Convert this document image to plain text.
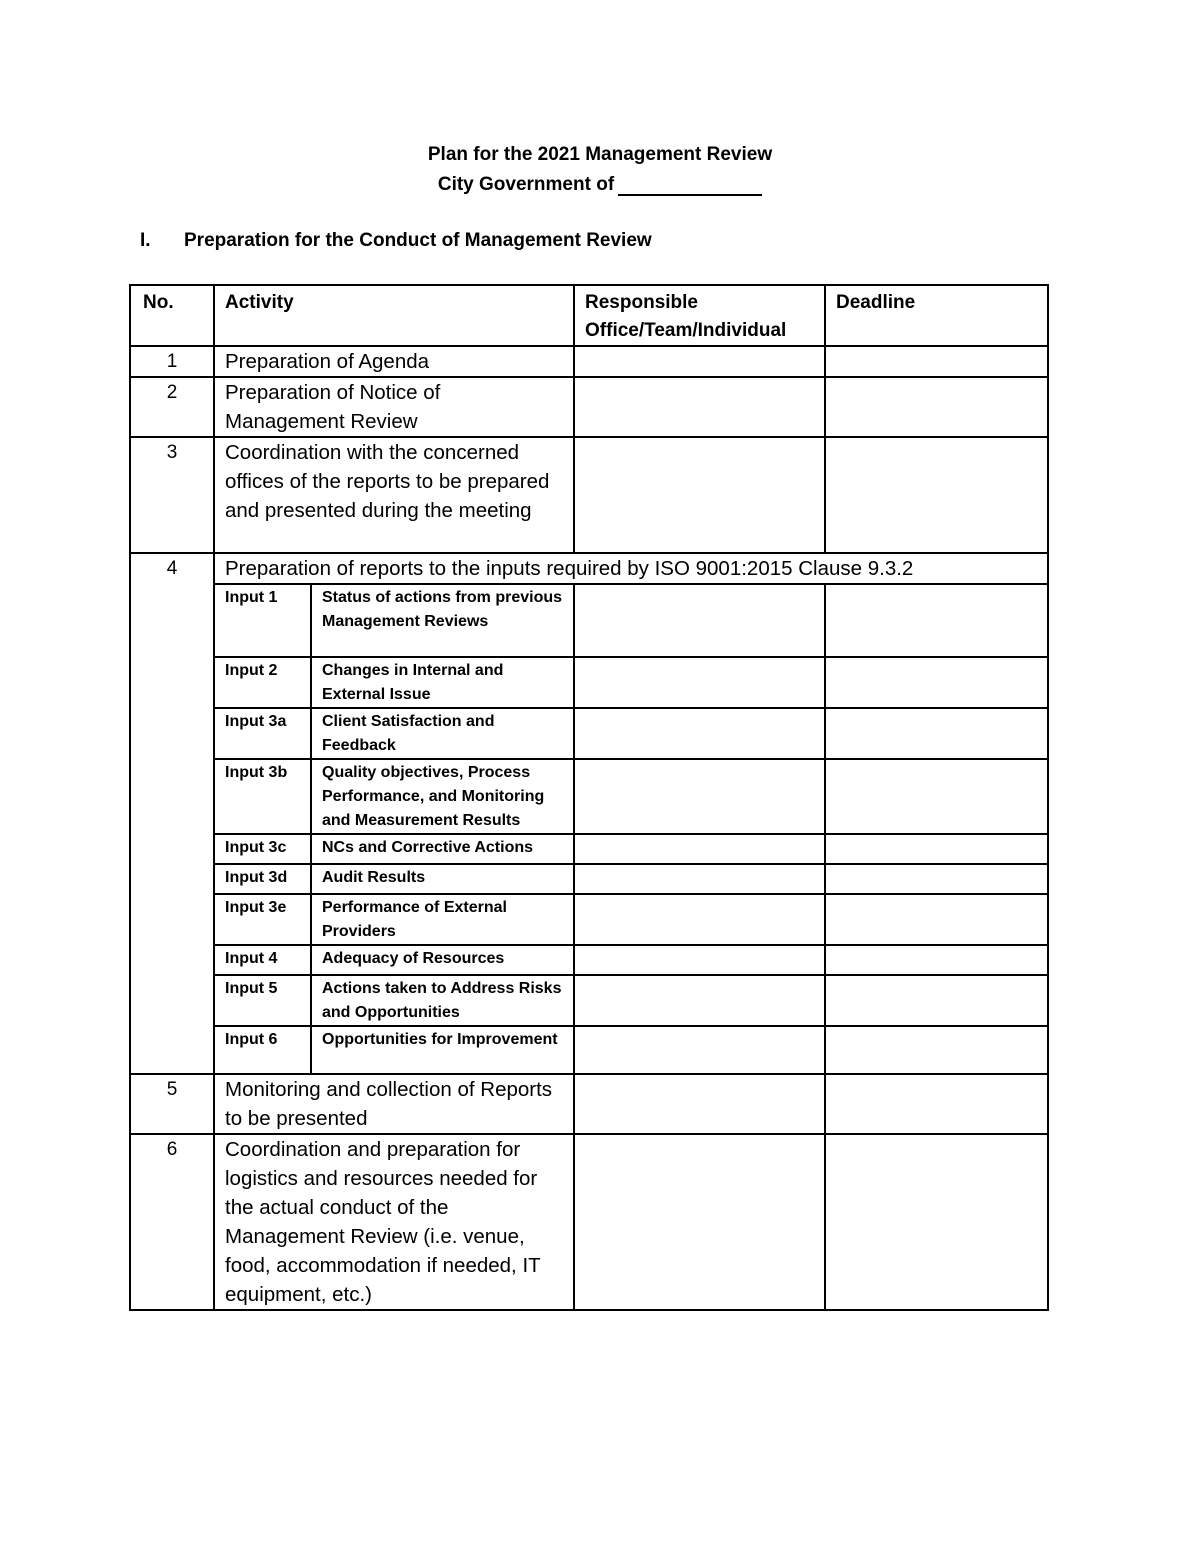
Plan for the 2021 Management Review
City Government of
I. Preparation for the Conduct of Management Review
No.	Activity		Responsible Office/Team/Individual	Deadline
1	Preparation of Agenda			
2	Preparation of Notice of Management Review			
3	Coordination with the concerned offices of the reports to be prepared and presented during the meeting			
4	Preparation of reports to the inputs required by ISO 9001:2015 Clause 9.3.2			
	Input 1	Status of actions from previous Management Reviews		
	Input 2	Changes in Internal and External Issue		
	Input 3a	Client Satisfaction and Feedback		
	Input 3b	Quality objectives, Process Performance, and Monitoring and Measurement Results		
	Input 3c	NCs and Corrective Actions		
	Input 3d	Audit Results		
	Input 3e	Performance of External Providers		
	Input 4	Adequacy of Resources		
	Input 5	Actions taken to Address Risks and Opportunities		
	Input 6	Opportunities for Improvement		
5	Monitoring and collection of Reports to be presented			
6	Coordination and preparation for logistics and resources needed for the actual conduct of the Management Review (i.e. venue, food, accommodation if needed, IT equipment, etc.)			
